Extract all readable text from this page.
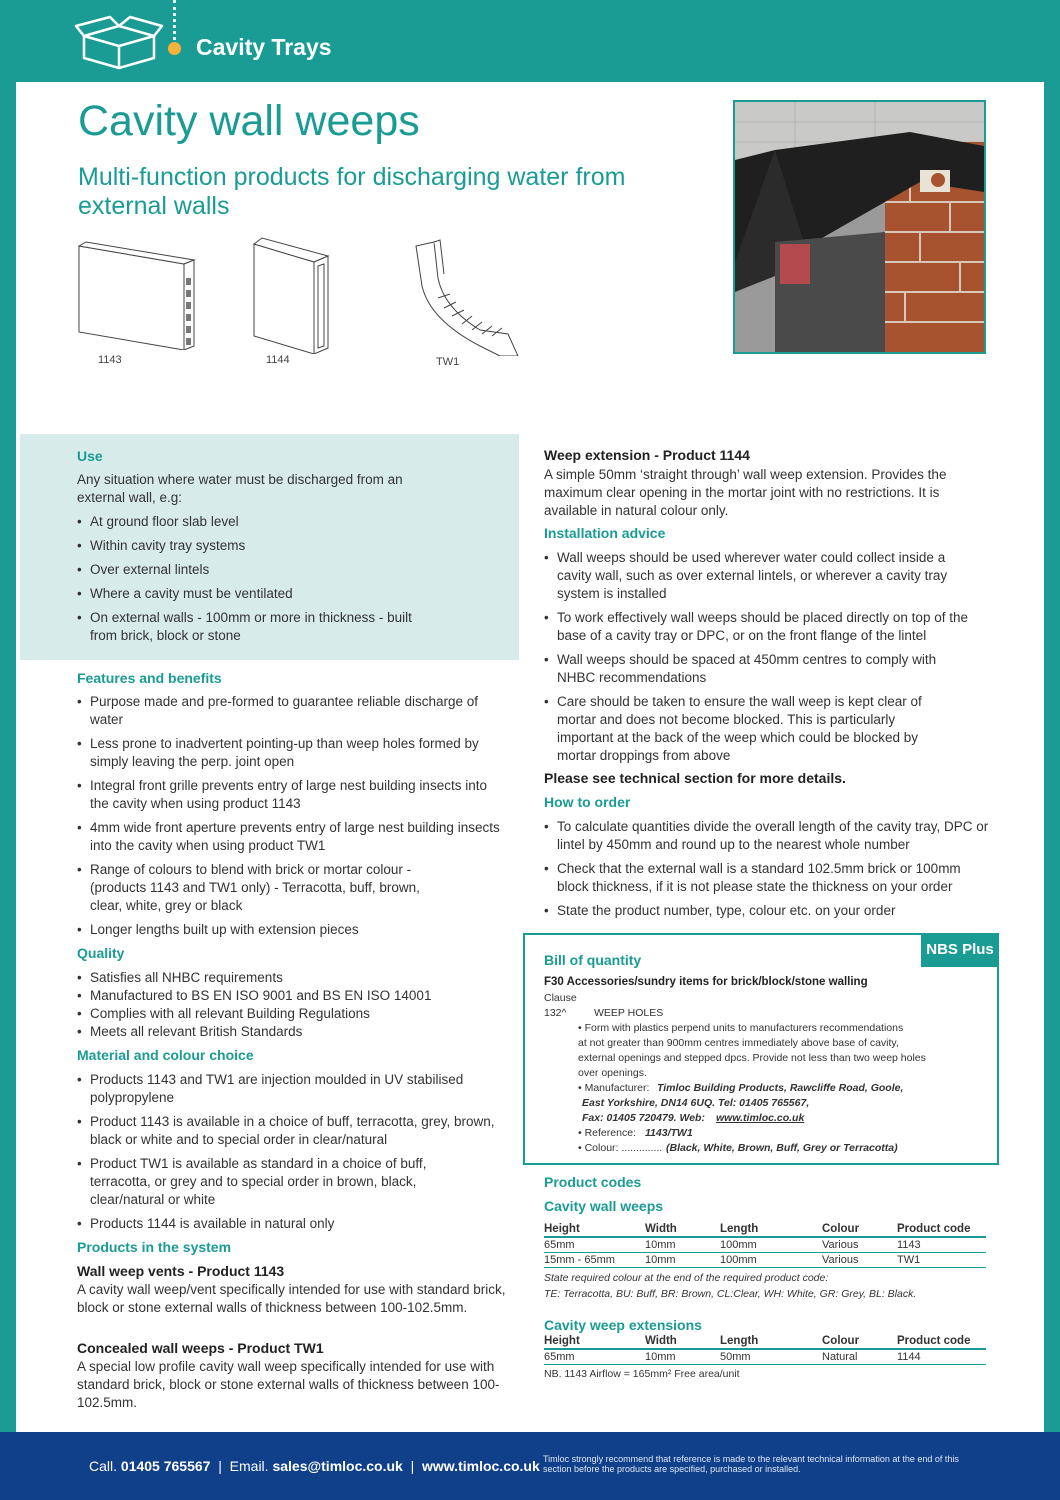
Cavity Trays
Cavity wall weeps
Multi-function products for discharging water from external walls
1143	1144	TW1
Use
Any situation where water must be discharged from an external wall, e.g:
• At ground floor slab level
• Within cavity tray systems
• Over external lintels
• Where a cavity must be ventilated
• On external walls - 100mm or more in thickness - built from brick, block or stone
Features and benefits
• Purpose made and pre-formed to guarantee reliable discharge of water
• Less prone to inadvertent pointing-up than weep holes formed by simply leaving the perp. joint open
• Integral front grille prevents entry of large nest building insects into the cavity when using product 1143
• 4mm wide front aperture prevents entry of large nest building insects into the cavity when using product TW1
• Range of colours to blend with brick or mortar colour - (products 1143 and TW1 only) - Terracotta, buff, brown, clear, white, grey or black
• Longer lengths built up with extension pieces
Quality
• Satisfies all NHBC requirements
• Manufactured to BS EN ISO 9001 and BS EN ISO 14001
• Complies with all relevant Building Regulations
• Meets all relevant British Standards
Material and colour choice
• Products 1143 and TW1 are injection moulded in UV stabilised polypropylene
• Product 1143 is available in a choice of buff, terracotta, grey, brown, black or white and to special order in clear/natural
• Product TW1 is available as standard in a choice of buff, terracotta, or grey and to special order in brown, black, clear/natural or white
• Products 1144 is available in natural only
Products in the system
Wall weep vents - Product 1143
A cavity wall weep/vent specifically intended for use with standard brick, block or stone external walls of thickness between 100-102.5mm.
Concealed wall weeps - Product TW1
A special low profile cavity wall weep specifically intended for use with standard brick, block or stone external walls of thickness between 100-102.5mm.
Weep extension - Product 1144
A simple 50mm ‘straight through’ wall weep extension. Provides the maximum clear opening in the mortar joint with no restrictions. It is available in natural colour only.
Installation advice
• Wall weeps should be used wherever water could collect inside a cavity wall, such as over external lintels, or wherever a cavity tray system is installed
• To work effectively wall weeps should be placed directly on top of the base of a cavity tray or DPC, or on the front flange of the lintel
• Wall weeps should be spaced at 450mm centres to comply with NHBC recommendations
• Care should be taken to ensure the wall weep is kept clear of mortar and does not become blocked. This is particularly important at the back of the weep which could be blocked by mortar droppings from above
Please see technical section for more details.
How to order
• To calculate quantities divide the overall length of the cavity tray, DPC or lintel by 450mm and round up to the nearest whole number
• Check that the external wall is a standard 102.5mm brick or 100mm block thickness, if it is not please state the thickness on your order
• State the product number, type, colour etc. on your order
NBS Plus
Bill of quantity
F30 Accessories/sundry items for brick/block/stone walling
Clause
132^	WEEP HOLES
• Form with plastics perpend units to manufacturers recommendations
at not greater than 900mm centres immediately above base of cavity,
external openings and stepped dpcs. Provide not less than two weep holes
over openings.
• Manufacturer: Timloc Building Products, Rawcliffe Road, Goole,
East Yorkshire, DN14 6UQ. Tel: 01405 765567,
Fax: 01405 720479. Web: www.timloc.co.uk
• Reference: 1143/TW1
• Colour: .............. (Black, White, Brown, Buff, Grey or Terracotta)
Product codes
Cavity wall weeps
Height	Width	Length	Colour	Product code
65mm	10mm	100mm	Various	1143
15mm - 65mm	10mm	100mm	Various	TW1
State required colour at the end of the required product code:
TE: Terracotta, BU: Buff, BR: Brown, CL:Clear, WH: White, GR: Grey, BL: Black.
Cavity weep extensions
Height	Width	Length	Colour	Product code
65mm	10mm	50mm	Natural	1144
NB. 1143 Airflow = 165mm² Free area/unit
Call. 01405 765567 | Email. sales@timloc.co.uk | www.timloc.co.uk Timloc strongly recommend that reference is made to the relevant technical information at the end of this section before the products are specified, purchased or installed.
